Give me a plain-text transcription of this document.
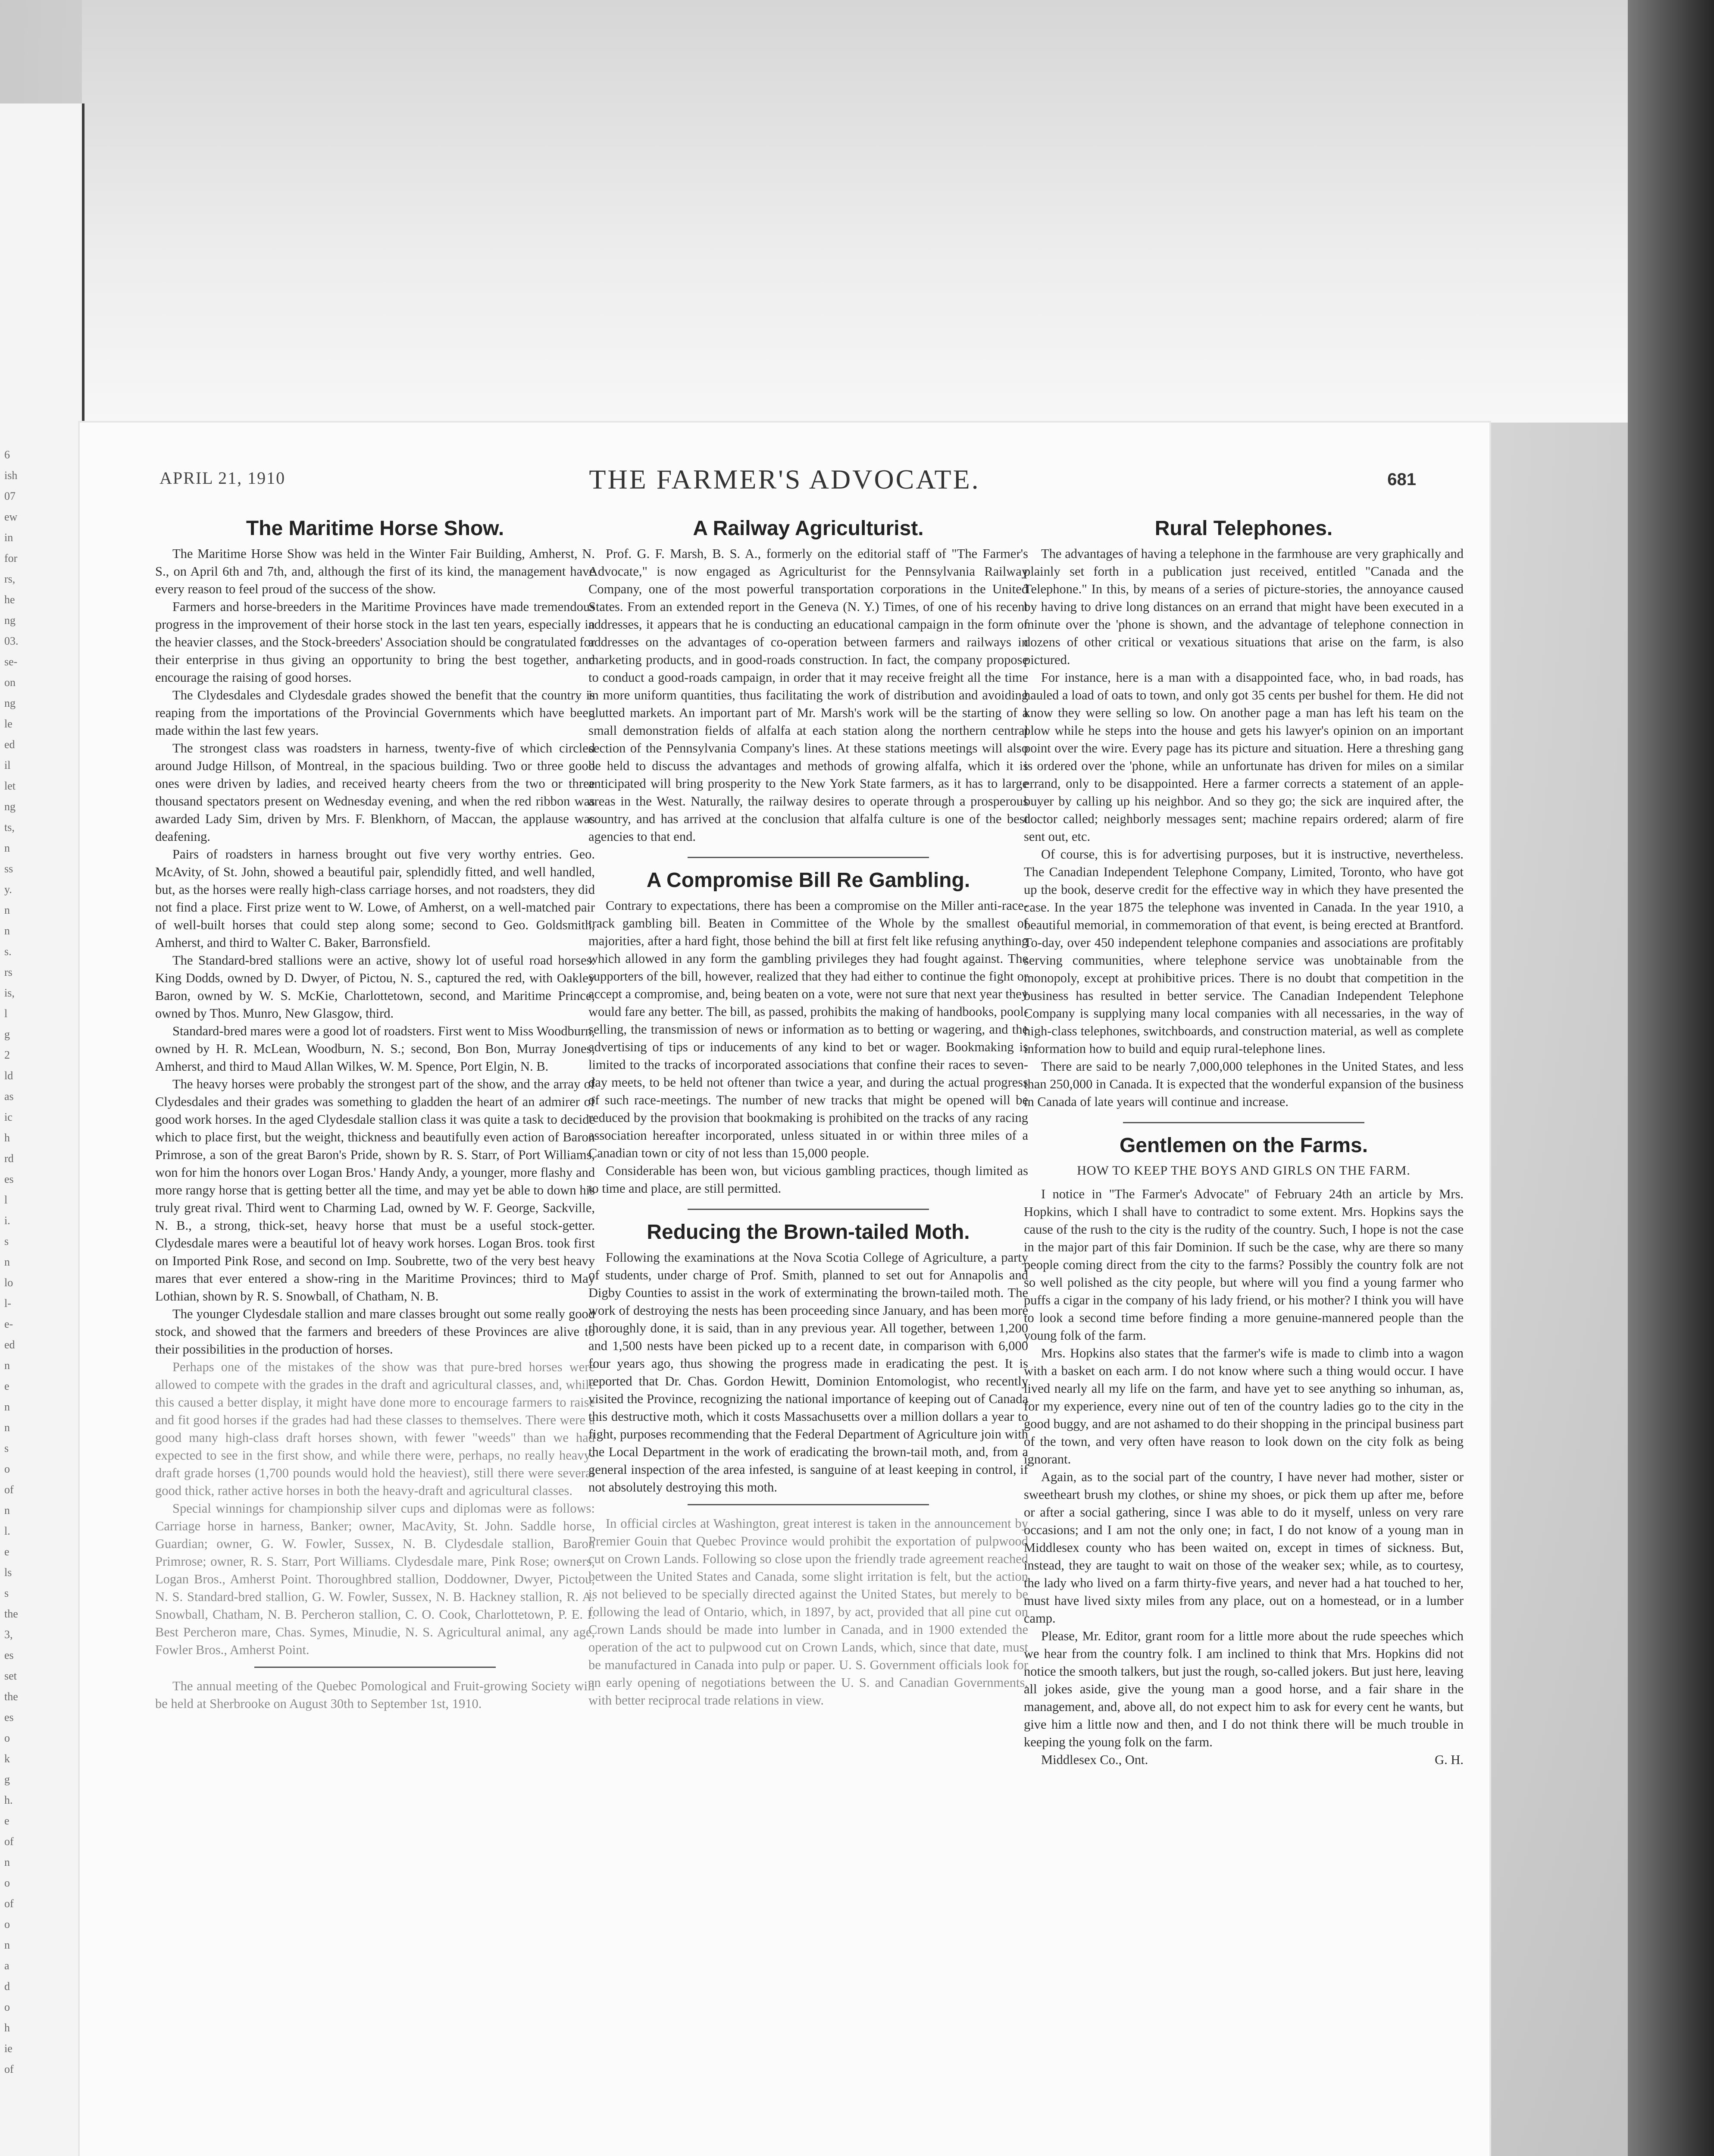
6
ish
07
ew
in
for
rs,
he
ng
03.
se-
on
ng
le
ed
il
let
ng
ts,
n
ss
y.
n
n
s.
rs
is,
l
g
2
ld
as
ic
h
rd
es
l
i.
s
n
lo
l-
e-
ed
n
e
n
n
s
o
of
n
l.
e
ls
s
the
3,
es
set
the
es
o
k
g
h.
e
of
n
o
of
o
n
a
d
o
h
ie
of
APRIL 21, 1910	THE FARMER'S ADVOCATE.	681
The Maritime Horse Show.

The Maritime Horse Show was held in the Winter Fair Building, Amherst, N. S., on April 6th and 7th, and, although the first of its kind, the management have every reason to feel proud of the success of the show.

Farmers and horse-breeders in the Maritime Provinces have made tremendous progress in the improvement of their horse stock in the last ten years, especially in the heavier classes, and the Stock-breeders' Association should be congratulated for their enterprise in thus giving an opportunity to bring the best together, and encourage the raising of good horses.

The Clydesdales and Clydesdale grades showed the benefit that the country is reaping from the importations of the Provincial Governments which have been made within the last few years.

The strongest class was roadsters in harness, twenty-five of which circled around Judge Hillson, of Montreal, in the spacious building. Two or three good ones were driven by ladies, and received hearty cheers from the two or three thousand spectators present on Wednesday evening, and when the red ribbon was awarded Lady Sim, driven by Mrs. F. Blenkhorn, of Maccan, the applause was deafening.

Pairs of roadsters in harness brought out five very worthy entries. Geo. McAvity, of St. John, showed a beautiful pair, splendidly fitted, and well handled, but, as the horses were really high-class carriage horses, and not roadsters, they did not find a place. First prize went to W. Lowe, of Amherst, on a well-matched pair of well-built horses that could step along some; second to Geo. Goldsmith, Amherst, and third to Walter C. Baker, Barronsfield.

The Standard-bred stallions were an active, showy lot of useful road horses. King Dodds, owned by D. Dwyer, of Pictou, N. S., captured the red, with Oakley Baron, owned by W. S. McKie, Charlottetown, second, and Maritime Prince, owned by Thos. Munro, New Glasgow, third.

Standard-bred mares were a good lot of roadsters. First went to Miss Woodburn, owned by H. R. McLean, Woodburn, N. S.; second, Bon Bon, Murray Jones, Amherst, and third to Maud Allan Wilkes, W. M. Spence, Port Elgin, N. B.

The heavy horses were probably the strongest part of the show, and the array of Clydesdales and their grades was something to gladden the heart of an admirer of good work horses. In the aged Clydesdale stallion class it was quite a task to decide which to place first, but the weight, thickness and beautifully even action of Baron Primrose, a son of the great Baron's Pride, shown by R. S. Starr, of Port Williams, won for him the honors over Logan Bros.' Handy Andy, a younger, more flashy and more rangy horse that is getting better all the time, and may yet be able to down his truly great rival. Third went to Charming Lad, owned by W. F. George, Sackville, N. B., a strong, thick-set, heavy horse that must be a useful stock-getter. Clydesdale mares were a beautiful lot of heavy work horses. Logan Bros. took first on Imported Pink Rose, and second on Imp. Soubrette, two of the very best heavy mares that ever entered a show-ring in the Maritime Provinces; third to May Lothian, shown by R. S. Snowball, of Chatham, N. B.

The younger Clydesdale stallion and mare classes brought out some really good stock, and showed that the farmers and breeders of these Provinces are alive to their possibilities in the production of horses.

Perhaps one of the mistakes of the show was that pure-bred horses were allowed to compete with the grades in the draft and agricultural classes, and, while this caused a better display, it might have done more to encourage farmers to raise and fit good horses if the grades had had these classes to themselves. There were a good many high-class draft horses shown, with fewer "weeds" than we had expected to see in the first show, and while there were, perhaps, no really heavy-draft grade horses (1,700 pounds would hold the heaviest), still there were several good thick, rather active horses in both the heavy-draft and agricultural classes.

Special winnings for championship silver cups and diplomas were as follows: Carriage horse in harness, Banker; owner, MacAvity, St. John. Saddle horse, Guardian; owner, G. W. Fowler, Sussex, N. B. Clydesdale stallion, Baron Primrose; owner, R. S. Starr, Port Williams. Clydesdale mare, Pink Rose; owners, Logan Bros., Amherst Point. Thoroughbred stallion, Doddowner, Dwyer, Pictou, N. S. Standard-bred stallion, G. W. Fowler, Sussex, N. B. Hackney stallion, R. A. Snowball, Chatham, N. B. Percheron stallion, C. O. Cook, Charlottetown, P. E. I. Best Percheron mare, Chas. Symes, Minudie, N. S. Agricultural animal, any age, Fowler Bros., Amherst Point.

The annual meeting of the Quebec Pomological and Fruit-growing Society will be held at Sherbrooke on August 30th to September 1st, 1910.

A Railway Agriculturist.

Prof. G. F. Marsh, B. S. A., formerly on the editorial staff of "The Farmer's Advocate," is now engaged as Agriculturist for the Pennsylvania Railway Company, one of the most powerful transportation corporations in the United States. From an extended report in the Geneva (N. Y.) Times, of one of his recent addresses, it appears that he is conducting an educational campaign in the form of addresses on the advantages of co-operation between farmers and railways in marketing products, and in good-roads construction. In fact, the company propose to conduct a good-roads campaign, in order that it may receive freight all the time in more uniform quantities, thus facilitating the work of distribution and avoiding glutted markets. An important part of Mr. Marsh's work will be the starting of a small demonstration fields of alfalfa at each station along the northern central section of the Pennsylvania Company's lines. At these stations meetings will also be held to discuss the advantages and methods of growing alfalfa, which it is anticipated will bring prosperity to the New York State farmers, as it has to large areas in the West. Naturally, the railway desires to operate through a prosperous country, and has arrived at the conclusion that alfalfa culture is one of the best agencies to that end.

A Compromise Bill Re Gambling.

Contrary to expectations, there has been a compromise on the Miller anti-race-track gambling bill. Beaten in Committee of the Whole by the smallest of majorities, after a hard fight, those behind the bill at first felt like refusing anything which allowed in any form the gambling privileges they had fought against. The supporters of the bill, however, realized that they had either to continue the fight or accept a compromise, and, being beaten on a vote, were not sure that next year they would fare any better. The bill, as passed, prohibits the making of handbooks, pool-selling, the transmission of news or information as to betting or wagering, and the advertising of tips or inducements of any kind to bet or wager. Bookmaking is limited to the tracks of incorporated associations that confine their races to seven-day meets, to be held not oftener than twice a year, and during the actual progress of such race-meetings. The number of new tracks that might be opened will be reduced by the provision that bookmaking is prohibited on the tracks of any racing association hereafter incorporated, unless situated in or within three miles of a Canadian town or city of not less than 15,000 people.

Considerable has been won, but vicious gambling practices, though limited as to time and place, are still permitted.

Reducing the Brown-tailed Moth.

Following the examinations at the Nova Scotia College of Agriculture, a party of students, under charge of Prof. Smith, planned to set out for Annapolis and Digby Counties to assist in the work of exterminating the brown-tailed moth. The work of destroying the nests has been proceeding since January, and has been more thoroughly done, it is said, than in any previous year. All together, between 1,200 and 1,500 nests have been picked up to a recent date, in comparison with 6,000 four years ago, thus showing the progress made in eradicating the pest. It is reported that Dr. Chas. Gordon Hewitt, Dominion Entomologist, who recently visited the Province, recognizing the national importance of keeping out of Canada this destructive moth, which it costs Massachusetts over a million dollars a year to fight, purposes recommending that the Federal Department of Agriculture join with the Local Department in the work of eradicating the brown-tail moth, and, from a general inspection of the area infested, is sanguine of at least keeping in control, if not absolutely destroying this moth.

In official circles at Washington, great interest is taken in the announcement by Premier Gouin that Quebec Province would prohibit the exportation of pulpwood cut on Crown Lands. Following so close upon the friendly trade agreement reached between the United States and Canada, some slight irritation is felt, but the action is not believed to be specially directed against the United States, but merely to be following the lead of Ontario, which, in 1897, by act, provided that all pine cut on Crown Lands should be made into lumber in Canada, and in 1900 extended the operation of the act to pulpwood cut on Crown Lands, which, since that date, must be manufactured in Canada into pulp or paper. U. S. Government officials look for an early opening of negotiations between the U. S. and Canadian Governments, with better reciprocal trade relations in view.

Rural Telephones.

The advantages of having a telephone in the farmhouse are very graphically and plainly set forth in a publication just received, entitled "Canada and the Telephone." In this, by means of a series of picture-stories, the annoyance caused by having to drive long distances on an errand that might have been executed in a minute over the 'phone is shown, and the advantage of telephone connection in dozens of other critical or vexatious situations that arise on the farm, is also pictured.

For instance, here is a man with a disappointed face, who, in bad roads, has hauled a load of oats to town, and only got 35 cents per bushel for them. He did not know they were selling so low. On another page a man has left his team on the plow while he steps into the house and gets his lawyer's opinion on an important point over the wire. Every page has its picture and situation. Here a threshing gang is ordered over the 'phone, while an unfortunate has driven for miles on a similar errand, only to be disappointed. Here a farmer corrects a statement of an apple-buyer by calling up his neighbor. And so they go; the sick are inquired after, the doctor called; neighborly messages sent; machine repairs ordered; alarm of fire sent out, etc.

Of course, this is for advertising purposes, but it is instructive, nevertheless. The Canadian Independent Telephone Company, Limited, Toronto, who have got up the book, deserve credit for the effective way in which they have presented the case. In the year 1875 the telephone was invented in Canada. In the year 1910, a beautiful memorial, in commemoration of that event, is being erected at Brantford. To-day, over 450 independent telephone companies and associations are profitably serving communities, where telephone service was unobtainable from the monopoly, except at prohibitive prices. There is no doubt that competition in the business has resulted in better service. The Canadian Independent Telephone Company is supplying many local companies with all necessaries, in the way of high-class telephones, switchboards, and construction material, as well as complete information how to build and equip rural-telephone lines.

There are said to be nearly 7,000,000 telephones in the United States, and less than 250,000 in Canada. It is expected that the wonderful expansion of the business in Canada of late years will continue and increase.

Gentlemen on the Farms.
HOW TO KEEP THE BOYS AND GIRLS ON THE FARM.

I notice in "The Farmer's Advocate" of February 24th an article by Mrs. Hopkins, which I shall have to contradict to some extent. Mrs. Hopkins says the cause of the rush to the city is the rudity of the country. Such, I hope is not the case in the major part of this fair Dominion. If such be the case, why are there so many people coming direct from the city to the farms? Possibly the country folk are not so well polished as the city people, but where will you find a young farmer who puffs a cigar in the company of his lady friend, or his mother? I think you will have to look a second time before finding a more genuine-mannered people than the young folk of the farm.

Mrs. Hopkins also states that the farmer's wife is made to climb into a wagon with a basket on each arm. I do not know where such a thing would occur. I have lived nearly all my life on the farm, and have yet to see anything so inhuman, as, for my experience, every nine out of ten of the country ladies go to the city in the good buggy, and are not ashamed to do their shopping in the principal business part of the town, and very often have reason to look down on the city folk as being ignorant.

Again, as to the social part of the country, I have never had mother, sister or sweetheart brush my clothes, or shine my shoes, or pick them up after me, before or after a social gathering, since I was able to do it myself, unless on very rare occasions; and I am not the only one; in fact, I do not know of a young man in Middlesex county who has been waited on, except in times of sickness. But, instead, they are taught to wait on those of the weaker sex; while, as to courtesy, the lady who lived on a farm thirty-five years, and never had a hat touched to her, must have lived sixty miles from any place, out on a homestead, or in a lumber camp.

Please, Mr. Editor, grant room for a little more about the rude speeches which we hear from the country folk. I am inclined to think that Mrs. Hopkins did not notice the smooth talkers, but just the rough, so-called jokers. But just here, leaving all jokes aside, give the young man a good horse, and a fair share in the management, and, above all, do not expect him to ask for every cent he wants, but give him a little now and then, and I do not think there will be much trouble in keeping the young folk on the farm.

Middlesex Co., Ont.	G. H.
